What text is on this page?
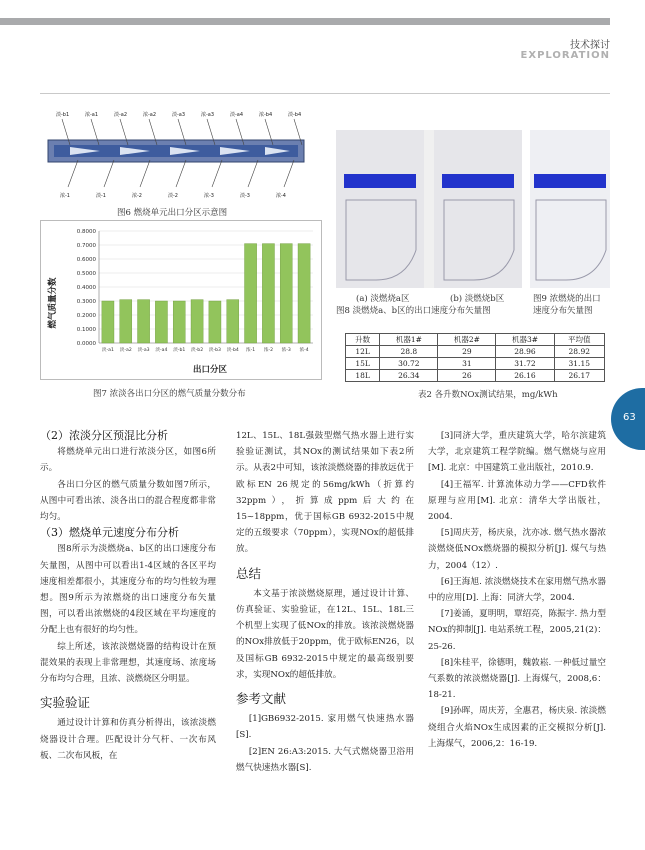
技术探讨
EXPLORATION
63
淡-b1	浓-a1	淡-a2	浓-a2	淡-a3	浓-a3	淡-a4	浓-b4	淡-b4
浓-1	淡-1	浓-2	淡-2	浓-3	淡-3	浓-4
图6 燃烧单元出口分区示意图
燃气质量分数
出口分区
0.0000
0.1000
0.2000
0.3000
0.4000
0.5000
0.6000
0.7000
0.8000
淡-a1 淡-a2 淡-a3 淡-a4 淡-b1 淡-b2 淡-b3 淡-b4 浓-1 浓-2 浓-3 浓-4
图7 浓淡各出口分区的燃气质量分数分布
(a) 淡燃烧a区	(b) 淡燃烧b区
图8 淡燃烧a、b区的出口速度分布矢量图
图9 浓燃烧的出口
速度分布矢量图
升数	机器1#	机器2#	机器3#	平均值
12L	28.8	29	28.96	28.92
15L	30.72	31	31.72	31.15
18L	26.34	26	26.16	26.17
表2 各升数NOx测试结果，mg/kWh

（2）浓淡分区预混比分析

将燃烧单元出口进行浓淡分区，如图6所示。

各出口分区的燃气质量分数如图7所示，从图中可看出浓、淡各出口的混合程度都非常均匀。

（3）燃烧单元速度分布分析

图8所示为淡燃烧a、b区的出口速度分布矢量图，从图中可以看出1-4区域的各区平均速度相差都很小，其速度分布的均匀性较为理想。图9所示为浓燃烧的出口速度分布矢量图，可以看出浓燃烧的4段区域在平均速度的分配上也有很好的均匀性。

综上所述，该浓淡燃烧器的结构设计在预混效果的表现上非常理想，其速度场、浓度场分布均匀合理，且浓、淡燃烧区分明显。

实验验证

通过设计计算和仿真分析得出，该浓淡燃烧器设计合理。匹配设计分气杆、一次布风板、二次布风板，在

12L、15L、18L强鼓型燃气热水器上进行实验验证测试，其NOx的测试结果如下表2所示。从表2中可知，该浓淡燃烧器的排放远优于欧标EN 26规定的56mg/kWh（折算约32ppm），折算成ppm后大约在15~18ppm，优于国标GB 6932-2015中规定的五级要求（70ppm），实现NOx的超低排放。

总结

本文基于浓淡燃烧原理，通过设计计算、仿真验证、实验验证，在12L、15L、18L三个机型上实现了低NOx的排放。该浓淡燃烧器的NOx排放低于20ppm，优于欧标EN26，以及国标GB 6932-2015中规定的最高级别要求，实现NOx的超低排放。

参考文献

[1]GB6932-2015. 家用燃气快速热水器[S].

[2]EN 26:A3:2015. 大气式燃烧器卫浴用燃气快速热水器[S].

[3]同济大学，重庆建筑大学，哈尔滨建筑大学，北京建筑工程学院编。燃气燃烧与应用[M]. 北京：中国建筑工业出版社，2010.9.

[4]王福军. 计算流体动力学——CFD软件原理与应用[M]. 北京：清华大学出版社，2004.

[5]周庆芳，杨庆泉，沈亦冰. 燃气热水器浓淡燃烧低NOx燃烧器的模拟分析[J]. 煤气与热力，2004（12）.

[6]王海旭. 浓淡燃烧技术在家用燃气热水器中的应用[D]. 上海：同济大学，2004.

[7]姜涌，夏明明，覃绍亮，陈振宇. 热力型NOx的抑制[J]. 电站系统工程，2005,21(2)：25-26.

[8]朱桂平，徐德明，魏敦崧. 一种低过量空气系数的浓淡燃烧器[J]. 上海煤气，2008,6：18-21.

[9]孙晖，周庆芳，全惠君，杨庆泉. 浓淡燃烧组合火焰NOx生成因素的正交模拟分析[J]. 上海煤气，2006,2：16-19.
